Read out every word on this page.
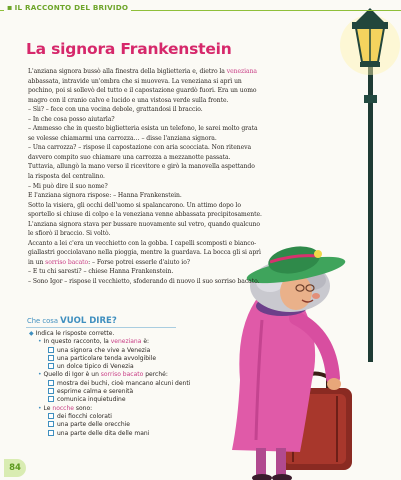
▪ IL RACCONTO DEL BRIVIDO
La signora Frankenstein
L'anziana signora bussò alla finestra della biglietteria e, dietro la veneziana
abbassata, intravide un'ombra che si muoveva. La veneziana si aprì un
pochino, poi si sollevò del tutto e il capostazione guardò fuori. Era un uomo
magro con il cranio calvo e lucido e una vistosa verde sulla fronte.
– Sìi? – fece con una vocina debole, grattandosi il braccio.
– In che cosa posso aiutarla?
– Ammesso che in questo biglietteria esista un telefono, le sarei molto grata
se volesse chiamarmi una carrozza… – disse l'anziana signora.
– Una carrozza? – rispose il capostazione con aria scocciata. Non riteneva
davvero compito suo chiamare una carrozza a mezzanotte passata.
Tuttavia, allungò la mano verso il ricevitore e girò la manovella aspettando
la risposta del centralino.
– Mi può dire il suo nome?
E l'anziana signora rispose: – Hanna Frankenstein.
Sotto la visiera, gli occhi dell'uomo si spalancarono. Un attimo dopo lo
sportello si chiuse di colpo e la veneziana venne abbassata precipitosamente.
L'anziana signora stava per bussare nuovamente sul vetro, quando qualcuno
le sfiorò il braccio. Si voltò.
Accanto a lei c'era un vecchietto con la gobba. I capelli scomposti e bianco-
giallastri gocciolavano nella pioggia, mentre la guardava. La bocca gli si aprì
in un sorriso bacato: – Forse potrei esserle d'aiuto io?
– E tu chi saresti? – chiese Hanna Frankenstein.
– Sono Igor – rispose il vecchietto, sfoderando di nuovo il suo sorriso bacato.
Che cosa VUOL DIRE?
◆ Indica le risposte corrette.
• In questo racconto, la veneziana è:
una signora che vive a Venezia
una particolare tenda avvolgibile
un dolce tipico di Venezia
• Quello di Igor è un sorriso bacato perché:
mostra dei buchi, cioè mancano alcuni denti
esprime calma e serenità
comunica inquietudine
• Le nocche sono:
dei fiocchi colorati
una parte delle orecchie
una parte delle dita delle mani
84
